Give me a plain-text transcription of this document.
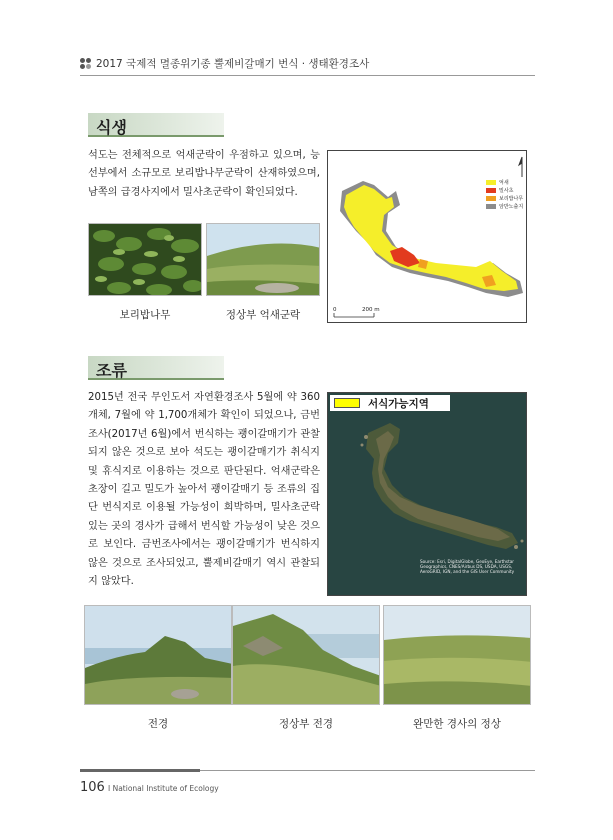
2017 국제적 멸종위기종 뿔제비갈매기 번식 · 생태환경조사
식생
석도는 전체적으로 억새군락이 우점하고 있으며, 능선부에서 소규모로 보리밥나무군락이 산재하였으며, 남쪽의 급경사지에서 밀사초군락이 확인되었다.
보리밥나무	정상부 억새군락	0	200 m
억새
밀사초
보리밥나무
암반노출지
조류
2015년 전국 무인도서 자연환경조사 5월에 약 360개체, 7월에 약 1,700개체가 확인이 되었으나, 금번 조사(2017년 6월)에서 번식하는 괭이갈매기가 관찰되지 않은 것으로 보아 석도는 괭이갈매기가 취식지 및 휴식지로 이용하는 것으로 판단된다. 억새군락은 초장이 길고 밀도가 높아서 괭이갈매기 등 조류의 집단 번식지로 이용될 가능성이 희박하며, 밀사초군락 있는 곳의 경사가 급해서 번식할 가능성이 낮은 것으로 보인다. 금번조사에서는 괭이갈매기가 번식하지 않은 것으로 조사되었고, 뿔제비갈매기 역시 관찰되지 않았다.
서식가능지역
Source: Esri, DigitalGlobe, GeoEye, Earthstar Geographics, CNES/Airbus DS, USDA, USGS, AeroGRID, IGN, and the GIS User Community
전경	정상부 전경	완만한 경사의 정상
106 I National Institute of Ecology
